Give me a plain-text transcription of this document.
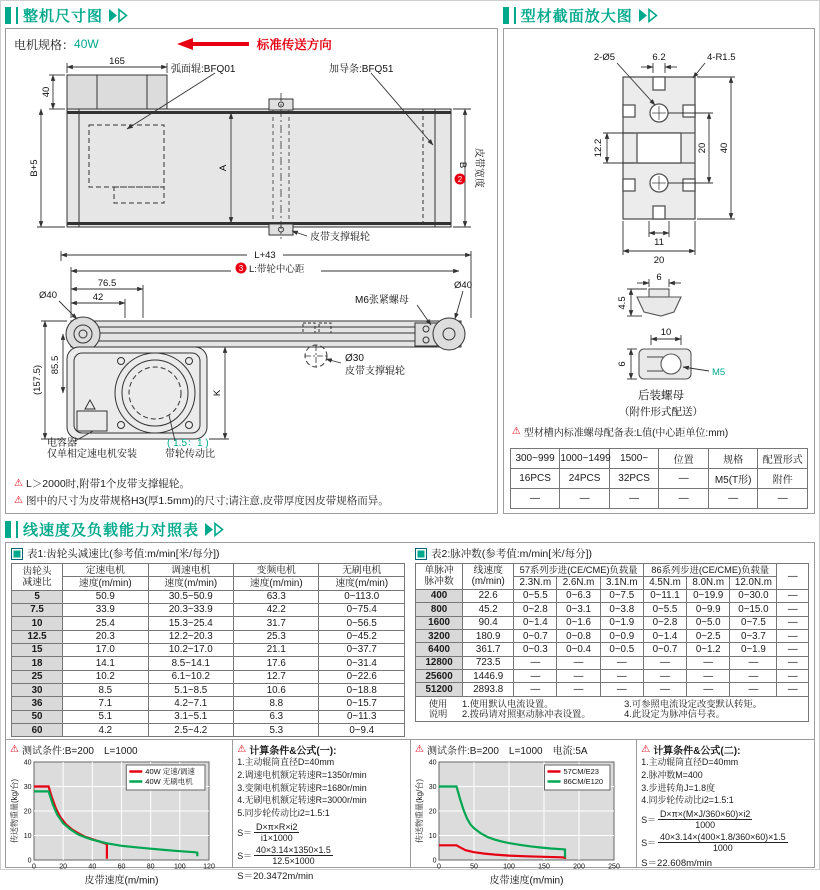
整机尺寸图
电机规格： 40W	标准传送方向
165
40
B+5	A
弧面辊:BFQ01	加导条:BFQ51
皮带支撑辊轮
2
B 皮带宽度
L+43
3 L:带轮中心距
76.5
42
Ø40
Ø40
M6张紧螺母
(157.5) 85.5
K
Ø30
皮带支撑辊轮
电容器
仅单相定速电机安装
( 1.5：1 )
带轮传动比
⚠ L＞2000时,附带1个皮带支撑辊轮。
⚠ 图中的尺寸为皮带规格H3(厚1.5mm)的尺寸;请注意,皮带厚度因皮带规格而异。
型材截面放大图
2-Ø5	6.2	4-R1.5
12.2	20 40
11
20
6
4.5
10
6
M5
后装螺母
（附件形式配送）
⚠ 型材槽内标准螺母配备表:L值(中心距单位:mm)
300~999	1000~1499	1500~	位置	规格	配置形式
16PCS	24PCS	32PCS	—	M5(T形)	附件
—	—	—	—	—	—
线速度及负载能力对照表
表1:齿轮头减速比(参考值:m/min[米/每分])
齿轮头
减速比	定速电机	调速电机	变频电机	无刷电机
	速度(m/min)	速度(m/min)	速度(m/min)	速度(m/min)
5	50.9	30.5~50.9	63.3	0~113.0
7.5	33.9	20.3~33.9	42.2	0~75.4
10	25.4	15.3~25.4	31.7	0~56.5
12.5	20.3	12.2~20.3	25.3	0~45.2
15	17.0	10.2~17.0	21.1	0~37.7
18	14.1	8.5~14.1	17.6	0~31.4
25	10.2	6.1~10.2	12.7	0~22.6
30	8.5	5.1~8.5	10.6	0~18.8
36	7.1	4.2~7.1	8.8	0~15.7
50	5.1	3.1~5.1	6.3	0~11.3
60	4.2	2.5~4.2	5.3	0~9.4
表2:脉冲数(参考值:m/min[米/每分])
单脉冲
脉冲数	线速度
(m/min)	57系列步进(CE/CME)负载量			86系列步进(CE/CME)负载量			—
		2.3N.m	2.6N.m	3.1N.m	4.5N.m	8.0N.m	12.0N.m	
400	22.6	0~5.5	0~6.3	0~7.5	0~11.1	0~19.9	0~30.0	—
800	45.2	0~2.8	0~3.1	0~3.8	0~5.5	0~9.9	0~15.0	—
1600	90.4	0~1.4	0~1.6	0~1.9	0~2.8	0~5.0	0~7.5	—
3200	180.9	0~0.7	0~0.8	0~0.9	0~1.4	0~2.5	0~3.7	—
6400	361.7	0~0.3	0~0.4	0~0.5	0~0.7	0~1.2	0~1.9	—
12800	723.5	—	—	—	—	—	—	—
25600	1446.9	—	—	—	—	—	—	—
51200	2893.8	—	—	—	—	—	—	—
使用
说明
1.使用默认电流设置。
2.拨码请对照驱动脉冲表设置。
3.可参照电流设定改变默认转矩。
4.此设定为脉冲信号表。
⚠ 测试条件:B=200　L=1000
0	20	40	60	80	100 120
0
10
20
30
40
40W 定速/调速
40W 无刷电机
皮带速度(m/min)
传送物重量(kg/台)
⚠ 计算条件&公式(一):
1.主动辊筒直径D=40mm
2.调速电机额定转速R=1350r/min
3.变频电机额定转速R=1680r/min
4.无刷电机额定转速R=3000r/min
5.同步轮传动比i2=1.5:1
$S= \frac{D\times\pi\times R\times i2}{i1\times 1000}$
$S= \frac{40\times 3.14\times 1350\times 1.5}{12.5\times 1000}$
S＝20.3472m/min
⚠ 测试条件:B=200　L=1000　电流:5A
0	50	100	150	200	250
0
10
20
30
40
57CM/E23
86CM/E120
皮带速度(m/min)
传送物重量(kg/台)
⚠ 计算条件&公式(二):
1.主动辊筒直径D=40mm
2.脉冲数M=400
3.步进转角J=1.8度
4.同步轮传动比i2=1.5:1
$S= \frac{D\times\pi\times(M\times J/360\times 60)\times i2}{1000}$
$S= \frac{40\times 3.14\times(400\times 1.8/360\times 60)\times 1.5}{1000}$
S＝22.608m/min
